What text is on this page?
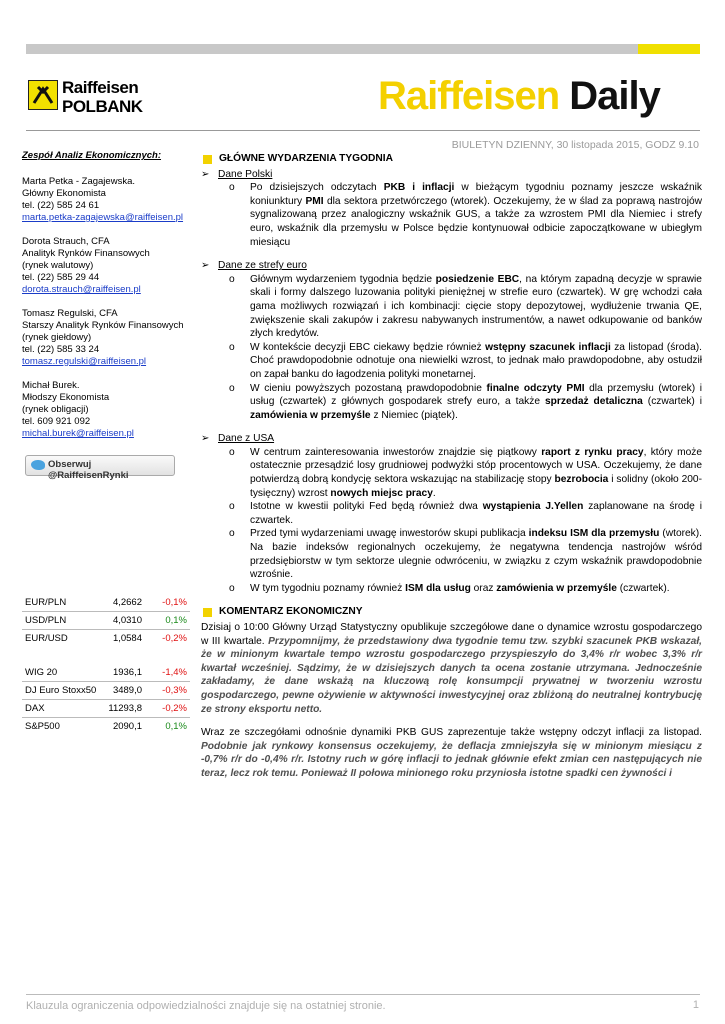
Raiffeisen
POLBANK	Raiffeisen Daily
BIULETYN DZIENNY, 30 listopada 2015, GODZ 9.10
Zespół Analiz Ekonomicznych:
Marta Petka - Zagajewska.
Główny Ekonomista
tel. (22) 585 24 61
marta.petka-zagajewska@raiffeisen.pl
Dorota Strauch, CFA
Analityk Rynków Finansowych
(rynek walutowy)
tel. (22) 585 29 44
dorota.strauch@raiffeisen.pl
Tomasz Regulski, CFA
Starszy Analityk Rynków Finansowych
(rynek giełdowy)
tel. (22) 585 33 24
tomasz.regulski@raiffeisen.pl
Michał Burek.
Młodszy Ekonomista
(rynek obligacji)
tel. 609 921 092
michal.burek@raiffeisen.pl
Obserwuj @RaiffeisenRynki
EUR/PLN	4,2662 -0,1%
USD/PLN	4,0310 0,1%
EUR/USD	1,0584 -0,2%
WIG 20	1936,1 -1,4%
DJ Euro Stoxx50 3489,0 -0,3%
DAX	11293,8 -0,2%
S&P500	2090,1 0,1%
GŁÓWNE WYDARZENIA TYGODNIA
➢ Dane Polski
o Po dzisiejszych odczytach PKB i inflacji w bieżącym tygodniu poznamy jeszcze wskaźnik koniunktury PMI dla sektora przetwórczego (wtorek). Oczekujemy, że w ślad za poprawą nastrojów sygnalizowaną przez analogiczny wskaźnik GUS, a także za wzrostem PMI dla Niemiec i strefy euro, wskaźnik dla przemysłu w Polsce będzie kontynuował odbicie zapoczątkowane w ubiegłym miesiącu
➢ Dane ze strefy euro
o Głównym wydarzeniem tygodnia będzie posiedzenie EBC, na którym zapadną decyzje w sprawie skali i formy dalszego luzowania polityki pieniężnej w strefie euro (czwartek). W grę wchodzi cała gama możliwych rozwiązań i ich kombinacji: cięcie stopy depozytowej, wydłużenie trwania QE, zwiększenie skali zakupów i zakresu nabywanych instrumentów, a nawet odkupowanie od banków złych kredytów.
o W kontekście decyzji EBC ciekawy będzie również wstępny szacunek inflacji za listopad (środa). Choć prawdopodobnie odnotuje ona niewielki wzrost, to jednak mało prawdopodobne, aby ostudził on zapał banku do łagodzenia polityki monetarnej.
o W cieniu powyższych pozostaną prawdopodobnie finalne odczyty PMI dla przemysłu (wtorek) i usług (czwartek) z głównych gospodarek strefy euro, a także sprzedaż detaliczna (czwartek) i zamówienia w przemyśle z Niemiec (piątek).
➢ Dane z USA
o W centrum zainteresowania inwestorów znajdzie się piątkowy raport z rynku pracy, który może ostatecznie przesądzić losy grudniowej podwyżki stóp procentowych w USA. Oczekujemy, że dane potwierdzą dobrą kondycję sektora wskazując na stabilizację stopy bezrobocia i solidny (około 200-tysięczny) wzrost nowych miejsc pracy.
o Istotne w kwestii polityki Fed będą również dwa wystąpienia J.Yellen zaplanowane na środę i czwartek.
o Przed tymi wydarzeniami uwagę inwestorów skupi publikacja indeksu ISM dla przemysłu (wtorek). Na bazie indeksów regionalnych oczekujemy, że negatywna tendencja nastrojów wśród przedsiębiorstw w tym sektorze ulegnie odwróceniu, w związku z czym wskaźnik prawdopodobnie wzrośnie.
o W tym tygodniu poznamy również ISM dla usług oraz zamówienia w przemyśle (czwartek).
KOMENTARZ EKONOMICZNY
Dzisiaj o 10:00 Główny Urząd Statystyczny opublikuje szczegółowe dane o dynamice wzrostu gospodarczego w III kwartale. Przypomnijmy, że przedstawiony dwa tygodnie temu tzw. szybki szacunek PKB wskazał, że w minionym kwartale tempo wzrostu gospodarczego przyspieszyło do 3,4% r/r wobec 3,3% r/r kwartał wcześniej. Sądzimy, że w dzisiejszych danych ta ocena zostanie utrzymana. Jednocześnie zakładamy, że dane wskażą na kluczową rolę konsumpcji prywatnej w tworzeniu wzrostu gospodarczego, pewne ożywienie w aktywności inwestycyjnej oraz zbliżoną do neutralnej kontrybucję ze strony eksportu netto.
Wraz ze szczegółami odnośnie dynamiki PKB GUS zaprezentuje także wstępny odczyt inflacji za listopad. Podobnie jak rynkowy konsensus oczekujemy, że deflacja zmniejszyła się w minionym miesiącu z -0,7% r/r do -0,4% r/r. Istotny ruch w górę inflacji to jednak głównie efekt zmian cen następujących nie teraz, lecz rok temu. Ponieważ II połowa minionego roku przyniosła istotne spadki cen żywności i
Klauzula ograniczenia odpowiedzialności znajduje się na ostatniej stronie.	1
